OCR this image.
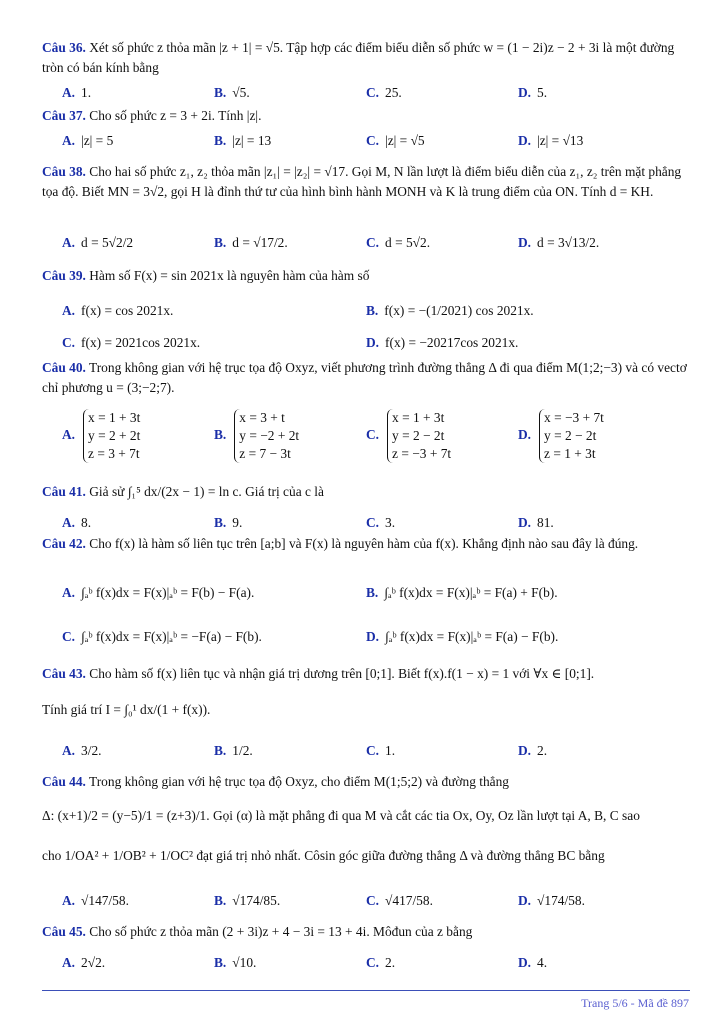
Câu 36. Xét số phức z thỏa mãn |z + 1| = √5. Tập hợp các điểm biểu diễn số phức w = (1 − 2i)z − 2 + 3i là một đường tròn có bán kính bằng
A. 1.	B. √5.	C. 25.	D. 5.
Câu 37. Cho số phức z = 3 + 2i. Tính |z|.
A. |z| = 5	B. |z| = 13	C. |z| = √5	D. |z| = √13
Câu 38. Cho hai số phức z₁, z₂ thỏa mãn |z₁| = |z₂| = √17. Gọi M, N lần lượt là điểm biểu diễn của z₁, z₂ trên mặt phẳng tọa độ. Biết MN = 3√2, gọi H là đỉnh thứ tư của hình bình hành MONH và K là trung điểm của ON. Tính d = KH.
A. d = 5√2/2	B. d = √17/2.	C. d = 5√2.	D. d = 3√13/2.
Câu 39. Hàm số F(x) = sin 2021x là nguyên hàm của hàm số
A. f(x) = cos 2021x.	B. f(x) = −(1/2021) cos 2021x.
C. f(x) = 2021cos 2021x.	D. f(x) = −20217cos 2021x.
Câu 40. Trong không gian với hệ trục tọa độ Oxyz, viết phương trình đường thẳng Δ đi qua điểm M(1;2;−3) và có vectơ chỉ phương u = (3;−2;7).
A.
x = 1 + 3t
y = 2 + 2t
z = 3 + 7t
B.
x = 3 + t
y = −2 + 2t
z = 7 − 3t
C.
x = 1 + 3t
y = 2 − 2t
z = −3 + 7t
D.
x = −3 + 7t
y = 2 − 2t
z = 1 + 3t
Câu 41. Giả sử ∫₁⁵ dx/(2x − 1) = ln c. Giá trị của c là
A. 8.	B. 9.	C. 3.	D. 81.
Câu 42. Cho f(x) là hàm số liên tục trên [a;b] và F(x) là nguyên hàm của f(x). Khẳng định nào sau đây là đúng.
A. ∫ₐᵇ f(x)dx = F(x)|ₐᵇ = F(b) − F(a).	B. ∫ₐᵇ f(x)dx = F(x)|ₐᵇ = F(a) + F(b).
C. ∫ₐᵇ f(x)dx = F(x)|ₐᵇ = −F(a) − F(b).	D. ∫ₐᵇ f(x)dx = F(x)|ₐᵇ = F(a) − F(b).
Câu 43. Cho hàm số f(x) liên tục và nhận giá trị dương trên [0;1]. Biết f(x).f(1 − x) = 1 với ∀x ∈ [0;1].
Tính giá trí I = ∫₀¹ dx/(1 + f(x)).
A. 3/2.	B. 1/2.	C. 1.	D. 2.
Câu 44. Trong không gian với hệ trục tọa độ Oxyz, cho điểm M(1;5;2) và đường thẳng
Δ: (x+1)/2 = (y−5)/1 = (z+3)/1. Gọi (α) là mặt phẳng đi qua M và cắt các tia Ox, Oy, Oz lần lượt tại A, B, C sao
cho 1/OA² + 1/OB² + 1/OC² đạt giá trị nhỏ nhất. Côsin góc giữa đường thẳng Δ và đường thẳng BC bằng
A. √147/58.	B. √174/85.	C. √417/58.	D. √174/58.
Câu 45. Cho số phức z thỏa mãn (2 + 3i)z + 4 − 3i = 13 + 4i. Môđun của z bằng
A. 2√2.	B. √10.	C. 2.	D. 4.
Trang 5/6 - Mã đề 897
